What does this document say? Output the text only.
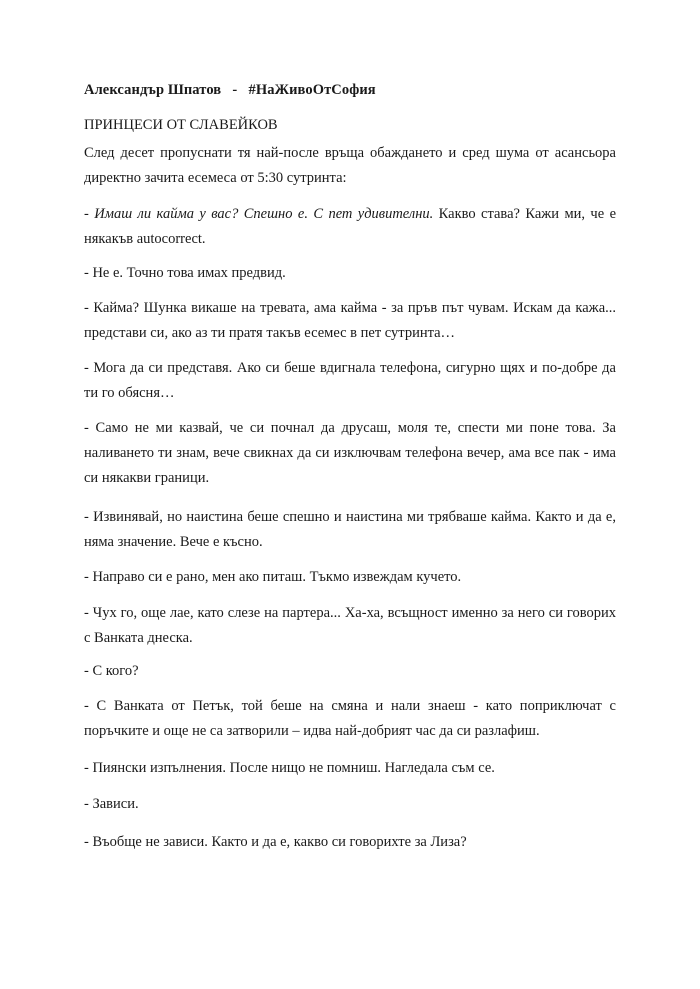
Александър Шпатов - #НаЖивоОтСофия
ПРИНЦЕСИ ОТ СЛАВЕЙКОВ
След десет пропуснати тя най-после връща обаждането и сред шума от асансьора директно зачита есемеса от 5:30 сутринта:
- Имаш ли кайма у вас? Спешно е. С пет удивителни. Какво става? Кажи ми, че е някакъв autocorrect.
- Не е. Точно това имах предвид.
- Кайма? Шунка викаше на тревата, ама кайма - за пръв път чувам. Искам да кажа... представи си, ако аз ти пратя такъв есемес в пет сутринта…
- Мога да си представя. Ако си беше вдигнала телефона, сигурно щях и по-добре да ти го обясня…
- Само не ми казвай, че си почнал да друсаш, моля те, спести ми поне това. За наливането ти знам, вече свикнах да си изключвам телефона вечер, ама все пак - има си някакви граници.
- Извинявай, но наистина беше спешно и наистина ми трябваше кайма. Както и да е, няма значение. Вече е късно.
- Направо си е рано, мен ако питаш. Тъкмо извеждам кучето.
- Чух го, още лае, като слезе на партера... Ха-ха, всъщност именно за него си говорих с Ванката днеска.
- С кого?
- С Ванката от Петък, той беше на смяна и нали знаеш - като поприключат с поръчките и още не са затворили – идва най-добрият час да си разлафиш.
- Пиянски изпълнения. После нищо не помниш. Нагледала съм се.
- Зависи.
- Въобще не зависи. Както и да е, какво си говорихте за Лиза?
